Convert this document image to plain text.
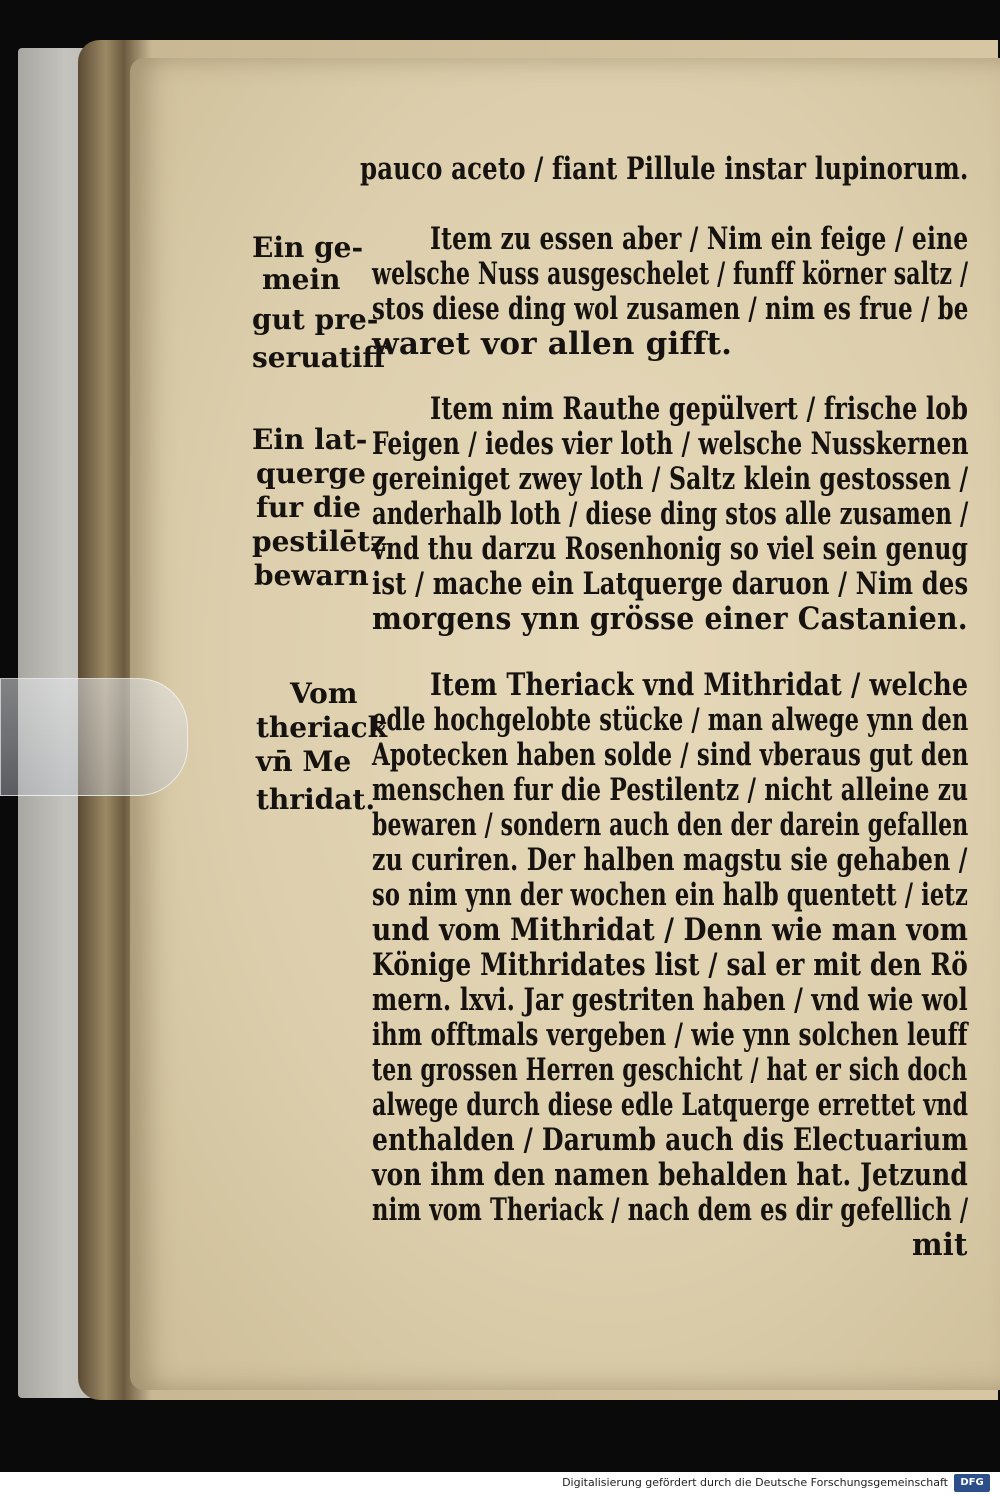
pauco aceto / fiant Pillule instar lupinorum.
Item zu essen aber / Nim ein feige / eine
welsche Nuss ausgeschelet / funff körner saltz /
stos diese ding wol zusamen / nim es frue / be
waret vor allen gifft.
Item nim Rauthe gepülvert / frische lob
Feigen / iedes vier loth / welsche Nusskernen
gereiniget zwey loth / Saltz klein gestossen /
anderhalb loth / diese ding stos alle zusamen /
vnd thu darzu Rosenhonig so viel sein genug
ist / mache ein Latquerge daruon / Nim des
morgens ynn grösse einer Castanien.
Item Theriack vnd Mithridat / welche
edle hochgelobte stücke / man alwege ynn den
Apotecken haben solde / sind vberaus gut den
menschen fur die Pestilentz / nicht alleine zu
bewaren / sondern auch den der darein gefallen
zu curiren. Der halben magstu sie gehaben /
so nim ynn der wochen ein halb quentett / ietz
und vom Mithridat / Denn wie man vom
Könige Mithridates list / sal er mit den Rö
mern. lxvi. Jar gestriten haben / vnd wie wol
ihm offtmals vergeben / wie ynn solchen leuff
ten grossen Herren geschicht / hat er sich doch
alwege durch diese edle Latquerge errettet vnd
enthalden / Darumb auch dis Electuarium
von ihm den namen behalden hat. Jetzund
nim vom Theriack / nach dem es dir gefellich /
mit
Ein ge-
mein
gut pre-
seruatiff
Ein lat-
querge
fur die
pestilētz
bewarn
Vom
theriack
vn̄ Me
thridat.
Digitalisierung gefördert durch die Deutsche Forschungsgemeinschaft	DFG
